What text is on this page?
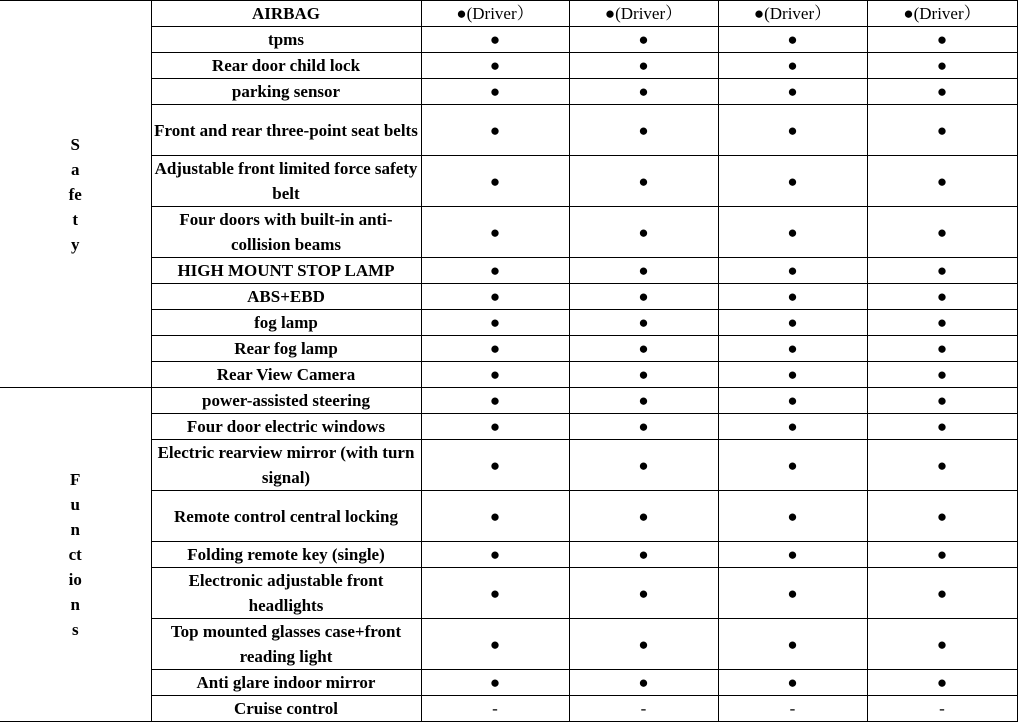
Safety	AIRBAG	●(Driver）	●(Driver）	●(Driver）	●(Driver）
	tpms	●	●	●	●
	Rear door child lock	●	●	●	●
	parking sensor	●	●	●	●
	Front and rear three-point seat belts	●	●	●	●
	Adjustable front limited force safety belt	●	●	●	●
	Four doors with built-in anti-collision beams	●	●	●	●
	HIGH MOUNT STOP LAMP	●	●	●	●
	ABS+EBD	●	●	●	●
	fog lamp	●	●	●	●
	Rear fog lamp	●	●	●	●
	Rear View Camera	●	●	●	●
Functions	power-assisted steering	●	●	●	●
	Four door electric windows	●	●	●	●
	Electric rearview mirror (with turn signal)	●	●	●	●
	Remote control central locking	●	●	●	●
	Folding remote key (single)	●	●	●	●
	Electronic adjustable front headlights	●	●	●	●
	Top mounted glasses case+front reading light	●	●	●	●
	Anti glare indoor mirror	●	●	●	●
	Cruise control	-	-	-	-
